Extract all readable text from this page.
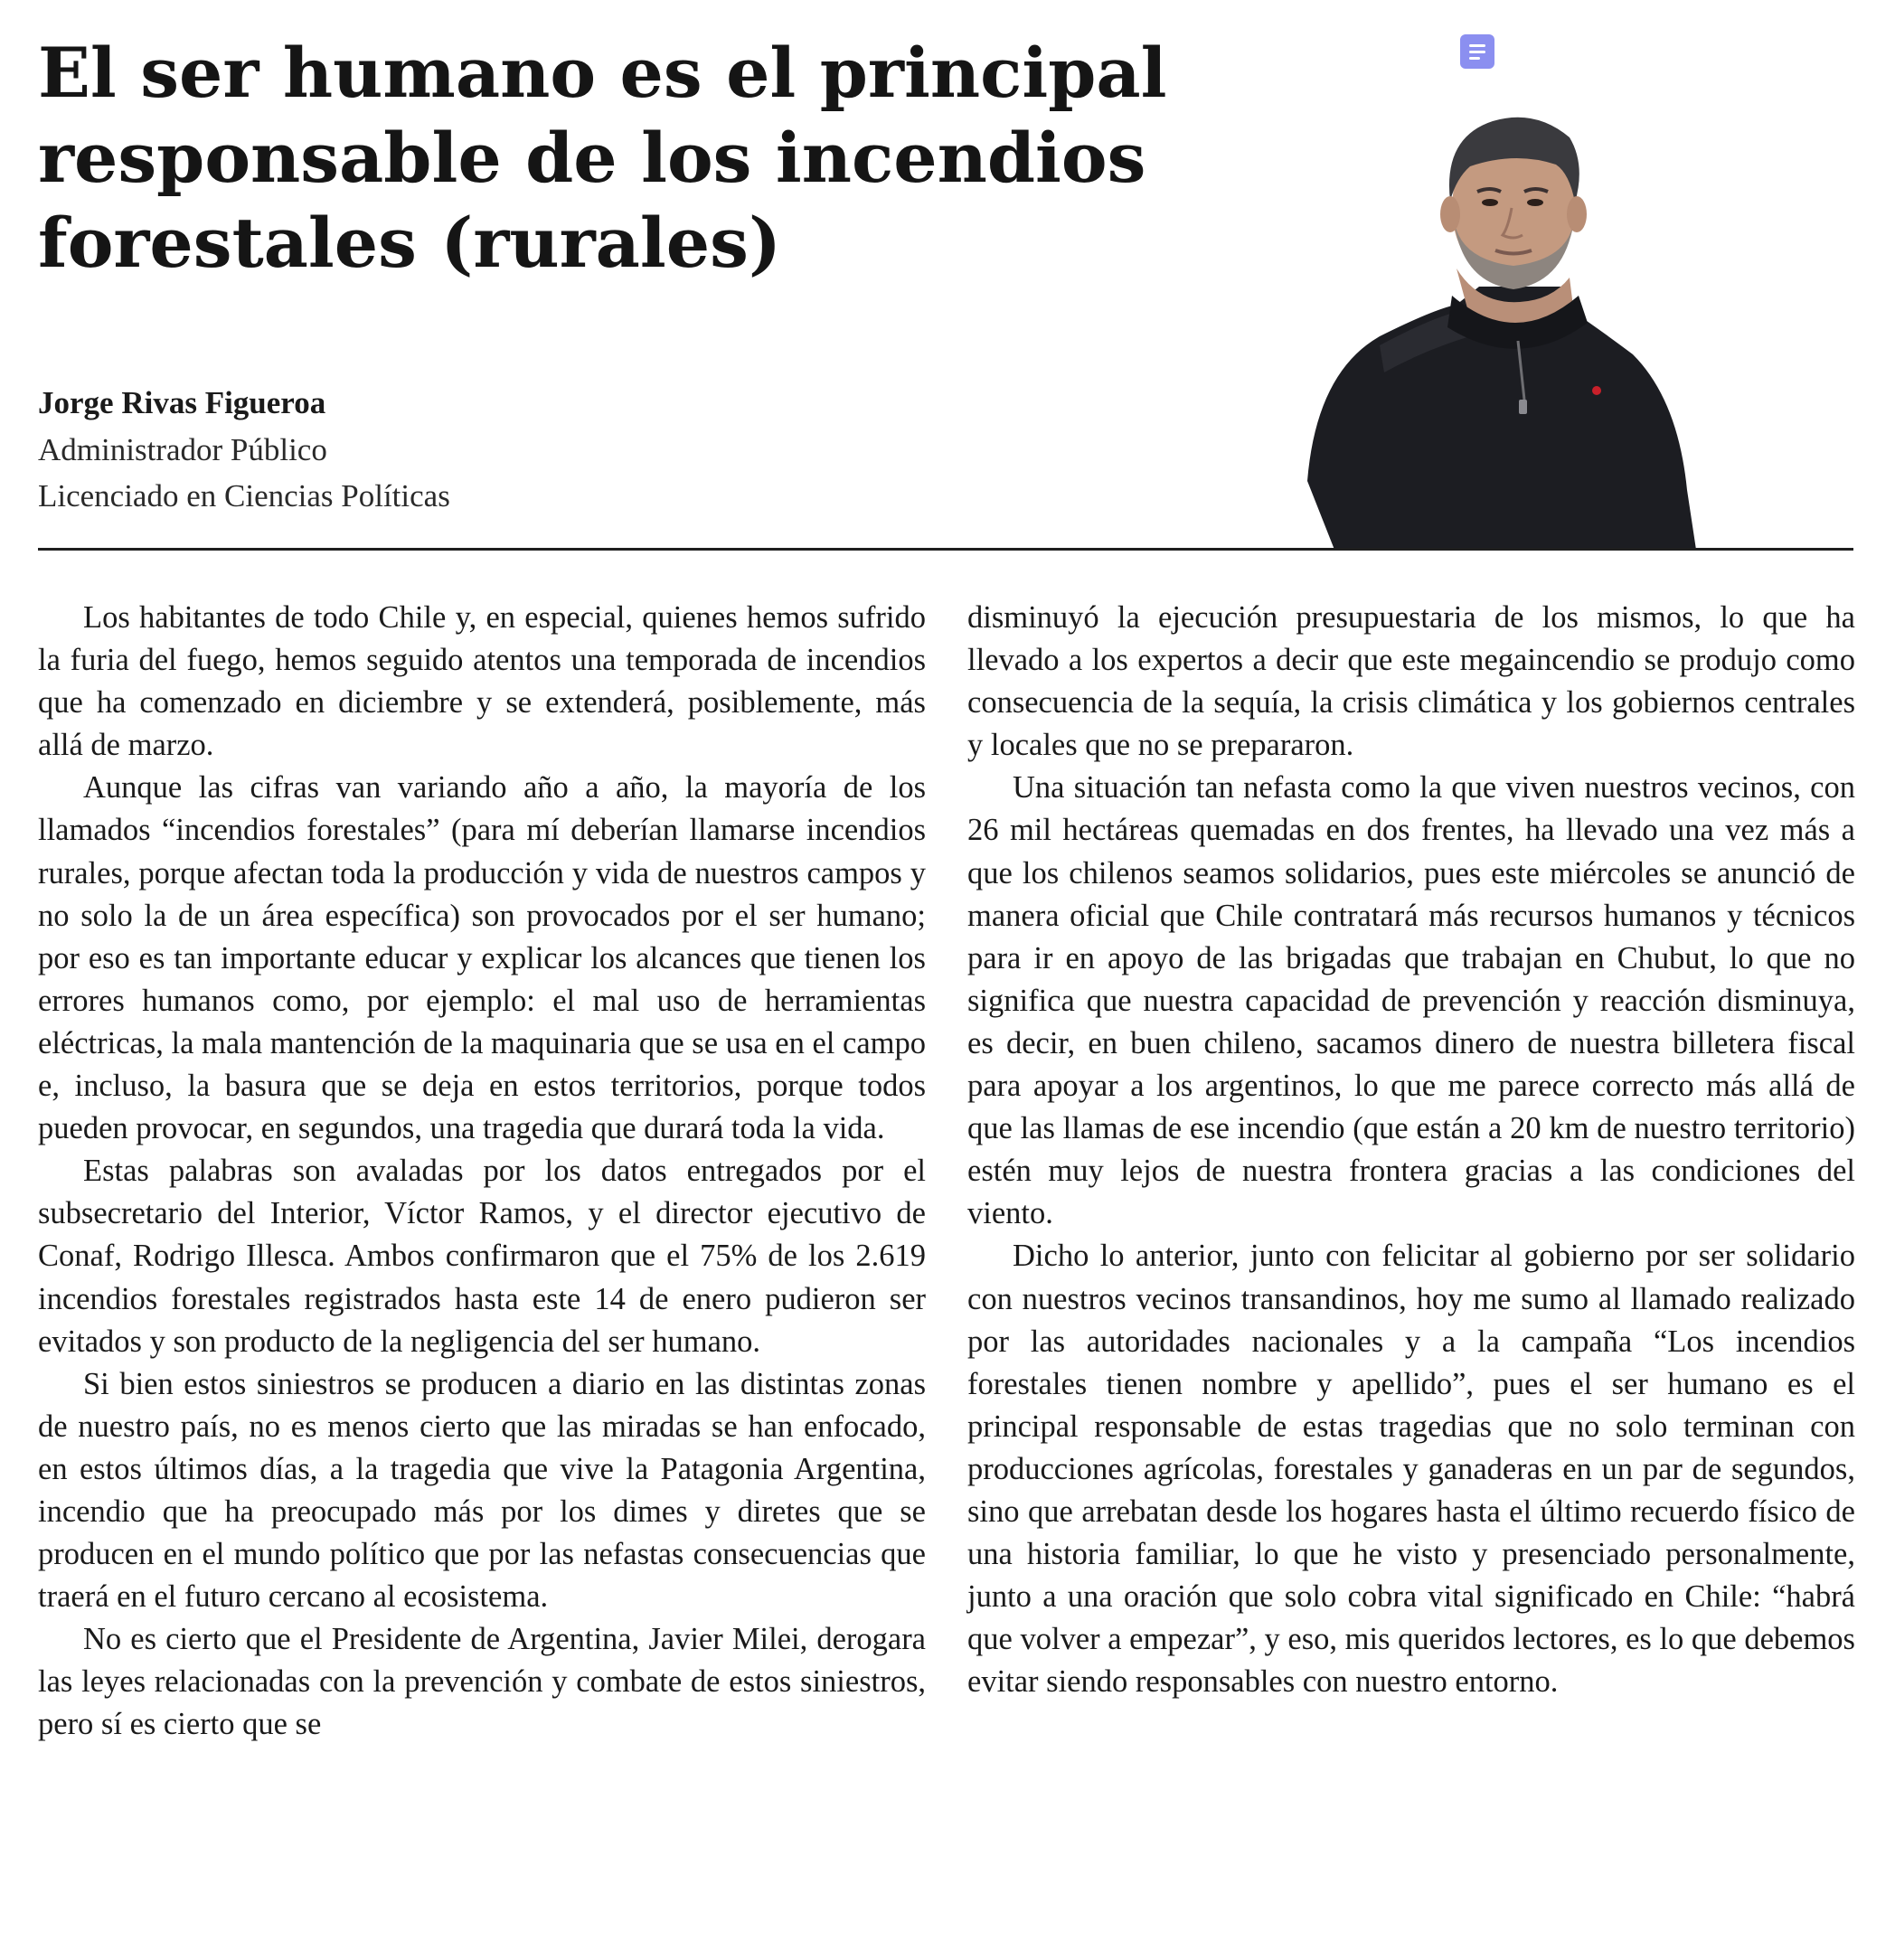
El ser humano es el principal responsable de los incendios forestales (rurales)
Jorge Rivas Figueroa
Administrador Público
Licenciado en Ciencias Políticas

Los habitantes de todo Chile y, en especial, quienes hemos sufrido la furia del fuego, hemos seguido atentos una temporada de incendios que ha comenzado en diciembre y se extenderá, posiblemente, más allá de marzo.

Aunque las cifras van variando año a año, la mayoría de los llamados “incendios forestales” (para mí deberían llamarse incendios rurales, porque afectan toda la producción y vida de nuestros campos y no solo la de un área específica) son provocados por el ser humano; por eso es tan importante educar y explicar los alcances que tienen los errores humanos como, por ejemplo: el mal uso de herramientas eléctricas, la mala mantención de la maquinaria que se usa en el campo e, incluso, la basura que se deja en estos territorios, porque todos pueden provocar, en segundos, una tragedia que durará toda la vida.

Estas palabras son avaladas por los datos entregados por el subsecretario del Interior, Víctor Ramos, y el director ejecutivo de Conaf, Rodrigo Illesca. Ambos confirmaron que el 75% de los 2.619 incendios forestales registrados hasta este 14 de enero pudieron ser evitados y son producto de la negligencia del ser humano.

Si bien estos siniestros se producen a diario en las distintas zonas de nuestro país, no es menos cierto que las miradas se han enfocado, en estos últimos días, a la tragedia que vive la Patagonia Argentina, incendio que ha preocupado más por los dimes y diretes que se producen en el mundo político que por las nefastas consecuencias que traerá en el futuro cercano al ecosistema.

No es cierto que el Presidente de Argentina, Javier Milei, derogara las leyes relacionadas con la prevención y combate de estos siniestros, pero sí es cierto que se

disminuyó la ejecución presupuestaria de los mismos, lo que ha llevado a los expertos a decir que este megaincendio se produjo como consecuencia de la sequía, la crisis climática y los gobiernos centrales y locales que no se prepararon.

Una situación tan nefasta como la que viven nuestros vecinos, con 26 mil hectáreas quemadas en dos frentes, ha llevado una vez más a que los chilenos seamos solidarios, pues este miércoles se anunció de manera oficial que Chile contratará más recursos humanos y técnicos para ir en apoyo de las brigadas que trabajan en Chubut, lo que no significa que nuestra capacidad de prevención y reacción disminuya, es decir, en buen chileno, sacamos dinero de nuestra billetera fiscal para apoyar a los argentinos, lo que me parece correcto más allá de que las llamas de ese incendio (que están a 20 km de nuestro territorio) estén muy lejos de nuestra frontera gracias a las condiciones del viento.

Dicho lo anterior, junto con felicitar al gobierno por ser solidario con nuestros vecinos transandinos, hoy me sumo al llamado realizado por las autoridades nacionales y a la campaña “Los incendios forestales tienen nombre y apellido”, pues el ser humano es el principal responsable de estas tragedias que no solo terminan con producciones agrícolas, forestales y ganaderas en un par de segundos, sino que arrebatan desde los hogares hasta el último recuerdo físico de una historia familiar, lo que he visto y presenciado personalmente, junto a una oración que solo cobra vital significado en Chile: “habrá que volver a empezar”, y eso, mis queridos lectores, es lo que debemos evitar siendo responsables con nuestro entorno.
